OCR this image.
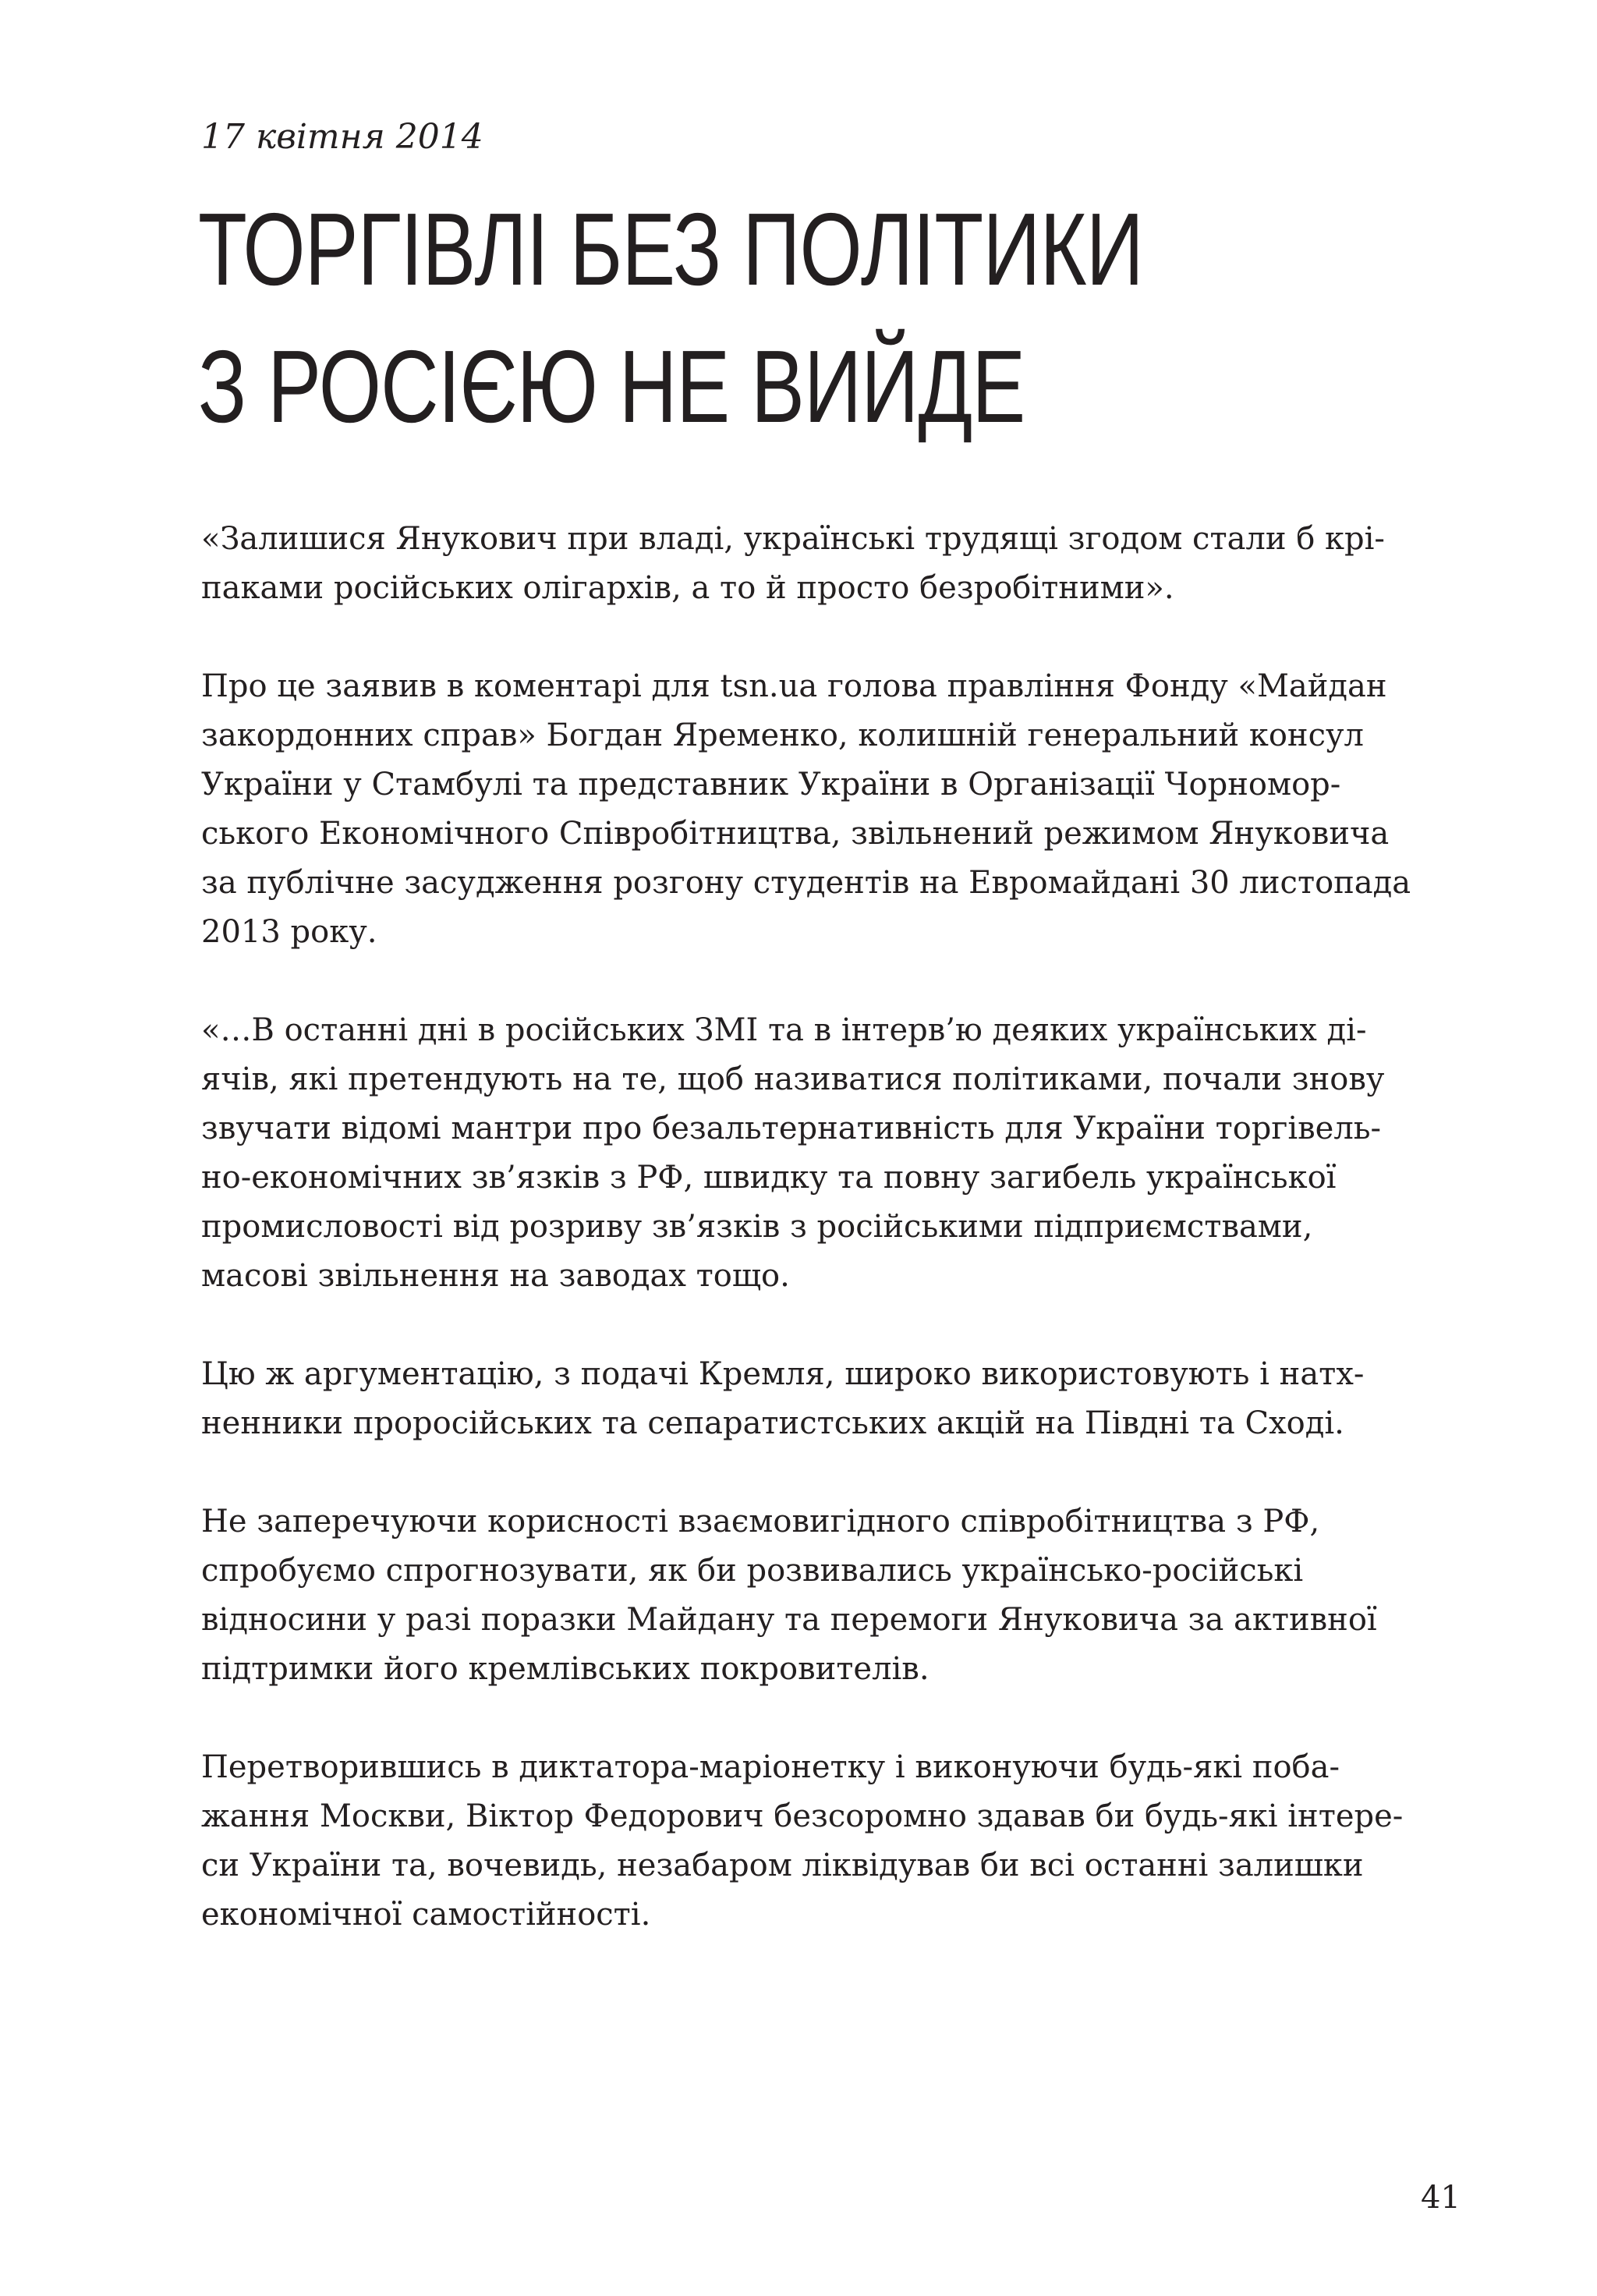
17 квітня 2014
ТОРГІВЛІ БЕЗ ПОЛІТИКИ
З РОСІЄЮ НЕ ВИЙДЕ

«Залишися Янукович при владі, українські трудящі згодом стали б крі-
паками російських олігархів, а то й просто безробітними».

Про це заявив в коментарі для tsn.ua голова правління Фонду «Майдан
закордонних справ» Богдан Яременко, колишній генеральний консул
України у Стамбулі та представник України в Організації Чорномор-
ського Економічного Співробітництва, звільнений режимом Януковича
за публічне засудження розгону студентів на Евромайдані 30 листопада
2013 року.

«…В останні дні в російських ЗМІ та в інтерв’ю деяких українських ді-
ячів, які претендують на те, щоб називатися політиками, почали знову
звучати відомі мантри про безальтернативність для України торгівель-
но-економічних зв’язків з РФ, швидку та повну загибель української
промисловості від розриву зв’язків з російськими підприємствами,
масові звільнення на заводах тощо.

Цю ж аргументацію, з подачі Кремля, широко використовують і натх-
ненники проросійських та сепаратистських акцій на Півдні та Сході.

Не заперечуючи корисності взаємовигідного співробітництва з РФ,
спробуємо спрогнозувати, як би розвивались українсько-російські
відносини у разі поразки Майдану та перемоги Януковича за активної
підтримки його кремлівських покровителів.

Перетворившись в диктатора-маріонетку і виконуючи будь-які поба-
жання Москви, Віктор Федорович безсоромно здавав би будь-які інтере-
си України та, вочевидь, незабаром ліквідував би всі останні залишки
економічної самостійності.

41
